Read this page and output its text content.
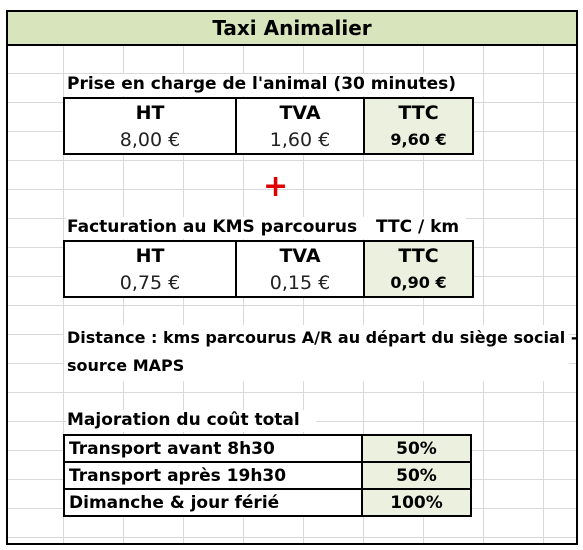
Taxi Animalier
Prise en charge de l'animal (30 minutes)
HT	TVA	TTC
8,00 €	1,60 €	9,60 €
+
Facturation au KMS parcourus TTC / km
HT	TVA	TTC
0,75 €	0,15 €	0,90 €
Distance : kms parcourus A/R au départ du siège social -
source MAPS
Majoration du coût total
Transport avant 8h30	50%
Transport après 19h30	50%
Dimanche & jour férié	100%
